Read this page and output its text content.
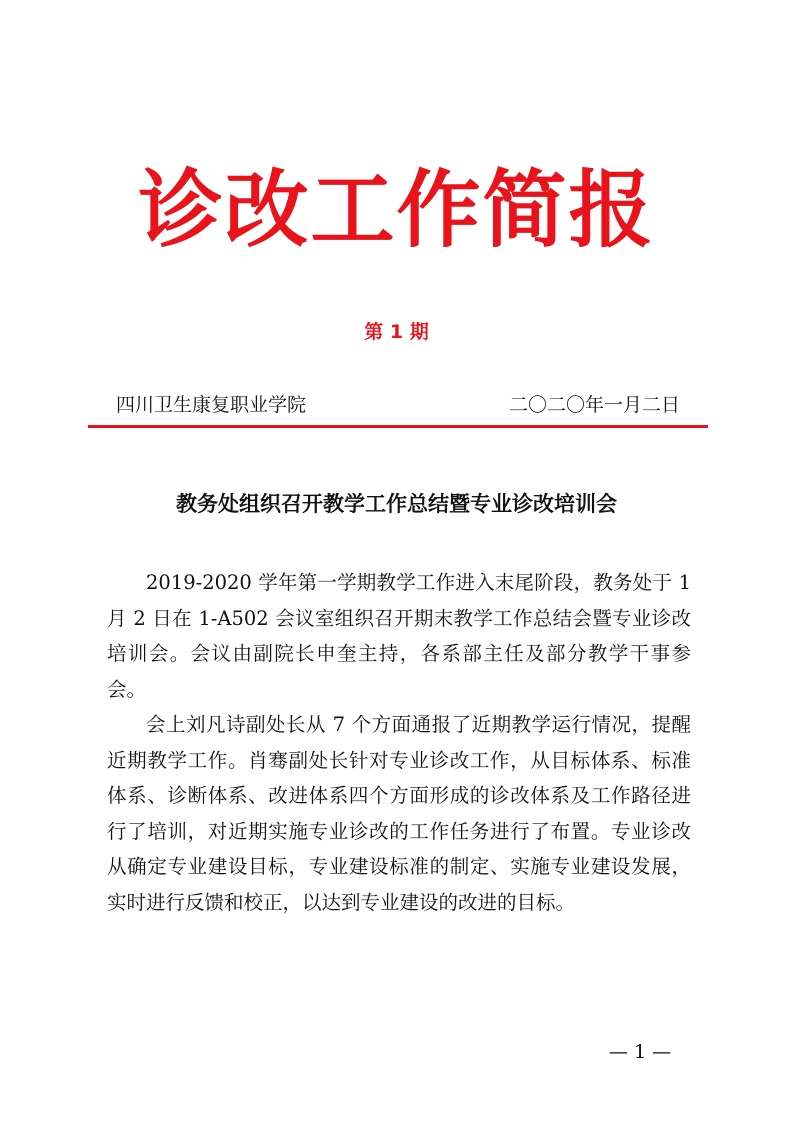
诊改工作简报
第 1 期
四川卫生康复职业学院	二〇二〇年一月二日
教务处组织召开教学工作总结暨专业诊改培训会

2019-2020 学年第一学期教学工作进入末尾阶段，教务处于 1 月 2 日在 1-A502 会议室组织召开期末教学工作总结会暨专业诊改培训会。会议由副院长申奎主持，各系部主任及部分教学干事参会。

会上刘凡诗副处长从 7 个方面通报了近期教学运行情况，提醒近期教学工作。肖骞副处长针对专业诊改工作，从目标体系、标准体系、诊断体系、改进体系四个方面形成的诊改体系及工作路径进行了培训，对近期实施专业诊改的工作任务进行了布置。专业诊改从确定专业建设目标，专业建设标准的制定、实施专业建设发展，实时进行反馈和校正，以达到专业建设的改进的目标。

— 1 —
